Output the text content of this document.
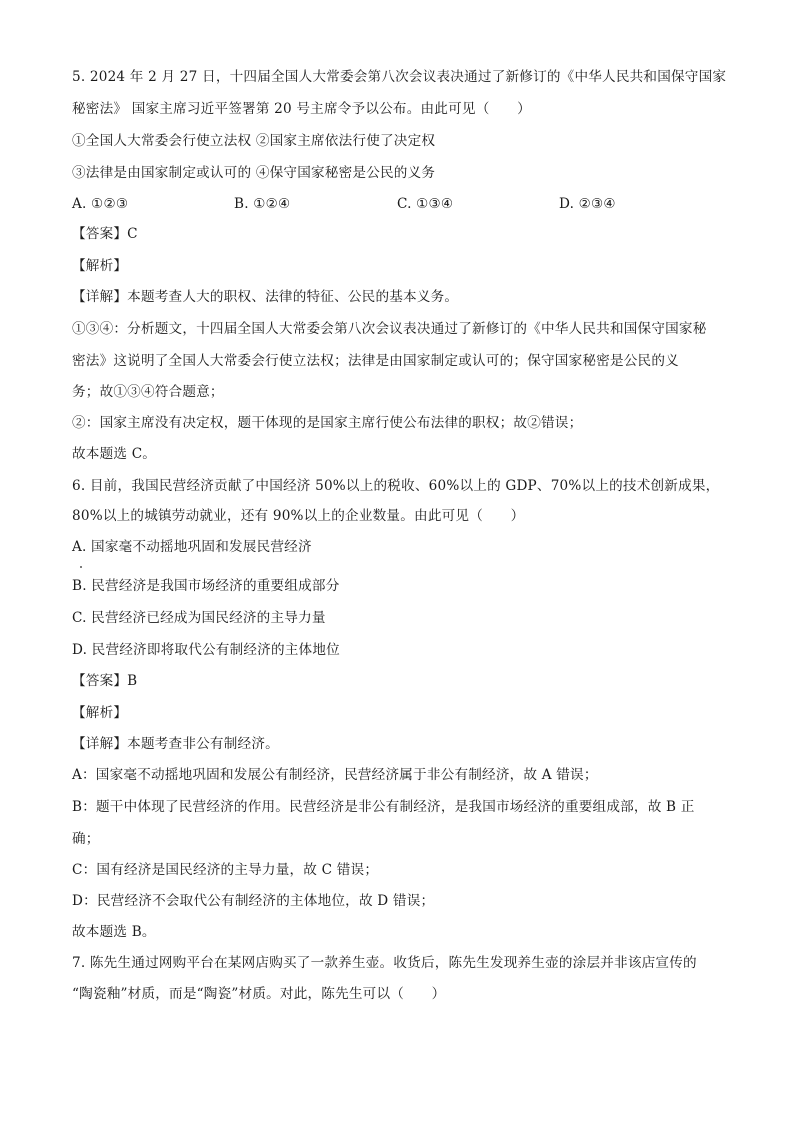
5. 2024 年 2 月 27 日，十四届全国人大常委会第八次会议表决通过了新修订的《中华人民共和国保守国家
秘密法》 国家主席习近平签署第 20 号主席令予以公布。由此可见（　　）
①全国人大常委会行使立法权 ②国家主席依法行使了决定权
③法律是由国家制定或认可的 ④保守国家秘密是公民的义务
A. ①②③	B. ①②④	C. ①③④	D. ②③④
【答案】C
【解析】
【详解】本题考查人大的职权、法律的特征、公民的基本义务。
①③④：分析题文，十四届全国人大常委会第八次会议表决通过了新修订的《中华人民共和国保守国家秘
密法》这说明了全国人大常委会行使立法权；法律是由国家制定或认可的；保守国家秘密是公民的义
务；故①③④符合题意；
②：国家主席没有决定权，题干体现的是国家主席行使公布法律的职权；故②错误；
故本题选 C。
6. 目前，我国民营经济贡献了中国经济 50%以上的税收、60%以上的 GDP、70%以上的技术创新成果，
80%以上的城镇劳动就业，还有 90%以上的企业数量。由此可见（　　）
A. 国家毫不动摇地巩固和发展民营经济
B. 民营经济是我国市场经济的重要组成部分
C. 民营经济已经成为国民经济的主导力量
D. 民营经济即将取代公有制经济的主体地位
【答案】B
【解析】
【详解】本题考查非公有制经济。
A：国家毫不动摇地巩固和发展公有制经济，民营经济属于非公有制经济，故 A 错误；
B：题干中体现了民营经济的作用。民营经济是非公有制经济，是我国市场经济的重要组成部，故 B 正
确；
C：国有经济是国民经济的主导力量，故 C 错误；
D：民营经济不会取代公有制经济的主体地位，故 D 错误；
故本题选 B。
7. 陈先生通过网购平台在某网店购买了一款养生壶。收货后，陈先生发现养生壶的涂层并非该店宣传的
“陶瓷釉”材质，而是“陶瓷”材质。对此，陈先生可以（　　）
